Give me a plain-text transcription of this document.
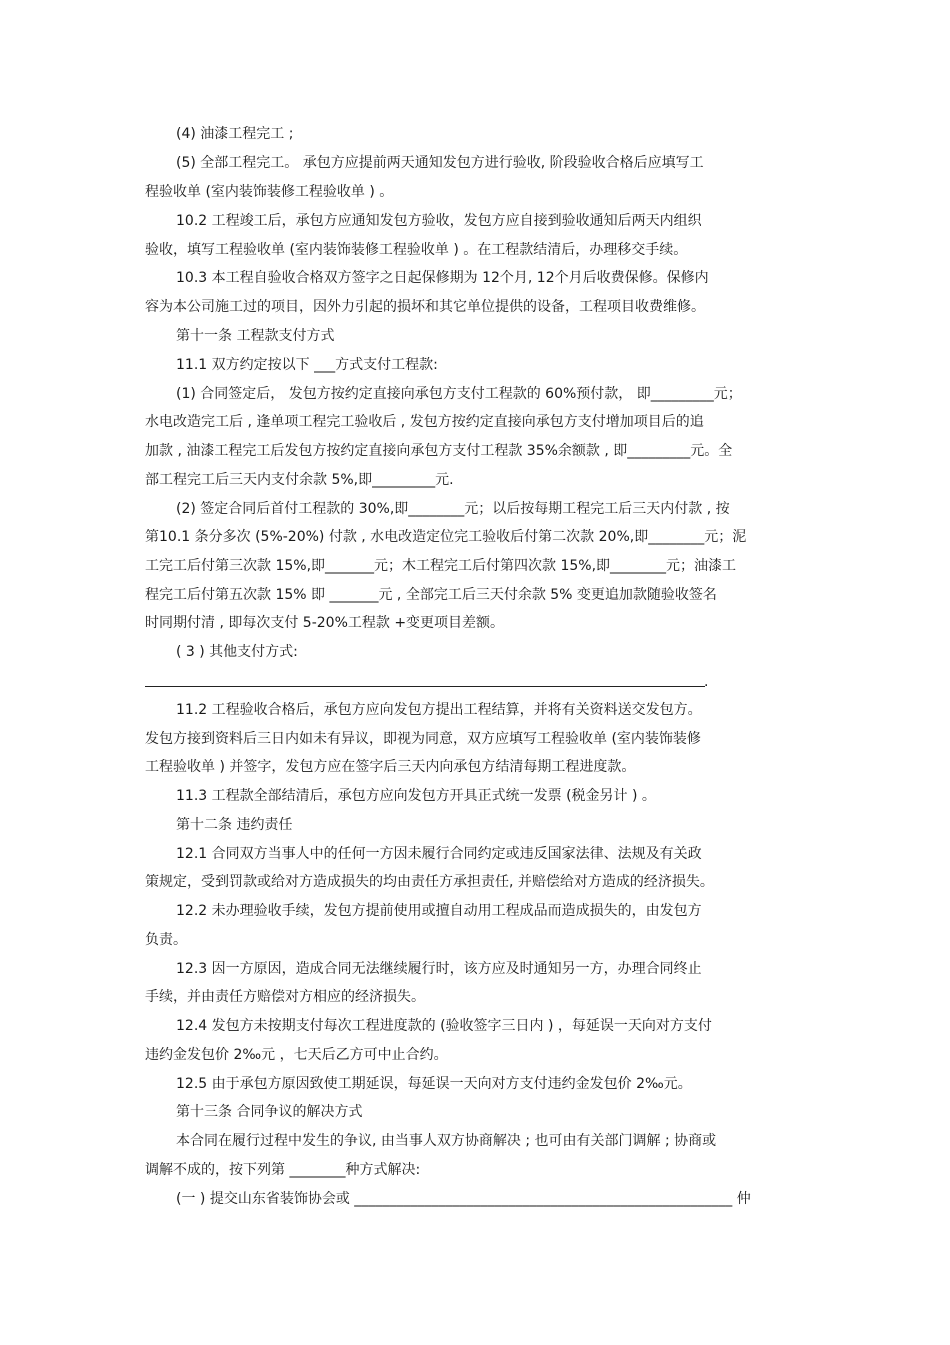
(4) 油漆工程完工 ;
(5) 全部工程完工。 承包方应提前两天通知发包方进行验收, 阶段验收合格后应填写工
程验收单 (室内装饰装修工程验收单 ) 。
10.2 工程竣工后，承包方应通知发包方验收，发包方应自接到验收通知后两天内组织
验收，填写工程验收单 (室内装饰装修工程验收单 ) 。在工程款结清后，办理移交手续。
10.3 本工程自验收合格双方签字之日起保修期为 12个月, 12个月后收费保修。保修内
容为本公司施工过的项目，因外力引起的损坏和其它单位提供的设备，工程项目收费维修。
第十一条 工程款支付方式
11.1 双方约定按以下 ___方式支付工程款:
(1) 合同签定后， 发包方按约定直接向承包方支付工程款的 60%预付款， 即_________元；
水电改造完工后 , 逢单项工程完工验收后 , 发包方按约定直接向承包方支付增加项目后的追
加款 , 油漆工程完工后发包方按约定直接向承包方支付工程款 35%余额款 , 即_________元。全
部工程完工后三天内支付余款 5%,即_________元.
(2) 签定合同后首付工程款的 30%,即________元；以后按每期工程完工后三天内付款 , 按
第10.1 条分多次 (5%-20%) 付款 , 水电改造定位完工验收后付第二次款 20%,即________元；泥
工完工后付第三次款 15%,即_______元；木工程完工后付第四次款 15%,即________元；油漆工
程完工后付第五次款 15% 即 _______元 , 全部完工后三天付余款 5% 变更追加款随验收签名
时同期付清 , 即每次支付 5-20%工程款 +变更项目差额。
( 3 ) 其他支付方式:
.
11.2 工程验收合格后，承包方应向发包方提出工程结算，并将有关资料送交发包方。
发包方接到资料后三日内如未有异议，即视为同意，双方应填写工程验收单 (室内装饰装修
工程验收单 ) 并签字，发包方应在签字后三天内向承包方结清每期工程进度款。
11.3 工程款全部结清后，承包方应向发包方开具正式统一发票 (税金另计 ) 。
第十二条 违约责任
12.1 合同双方当事人中的任何一方因未履行合同约定或违反国家法律、法规及有关政
策规定，受到罚款或给对方造成损失的均由责任方承担责任, 并赔偿给对方造成的经济损失。
12.2 未办理验收手续，发包方提前使用或擅自动用工程成品而造成损失的，由发包方
负责。
12.3 因一方原因，造成合同无法继续履行时，该方应及时通知另一方，办理合同终止
手续，并由责任方赔偿对方相应的经济损失。
12.4 发包方未按期支付每次工程进度款的 (验收签字三日内 ) ，每延误一天向对方支付
违约金发包价 2‰元 ，七天后乙方可中止合约。
12.5 由于承包方原因致使工期延误，每延误一天向对方支付违约金发包价 2‰元。
第十三条 合同争议的解决方式
本合同在履行过程中发生的争议, 由当事人双方协商解决 ; 也可由有关部门调解 ; 协商或
调解不成的，按下列第 ________种方式解决:
(一 ) 提交山东省装饰协会或 ______________________________________________________ 仲
